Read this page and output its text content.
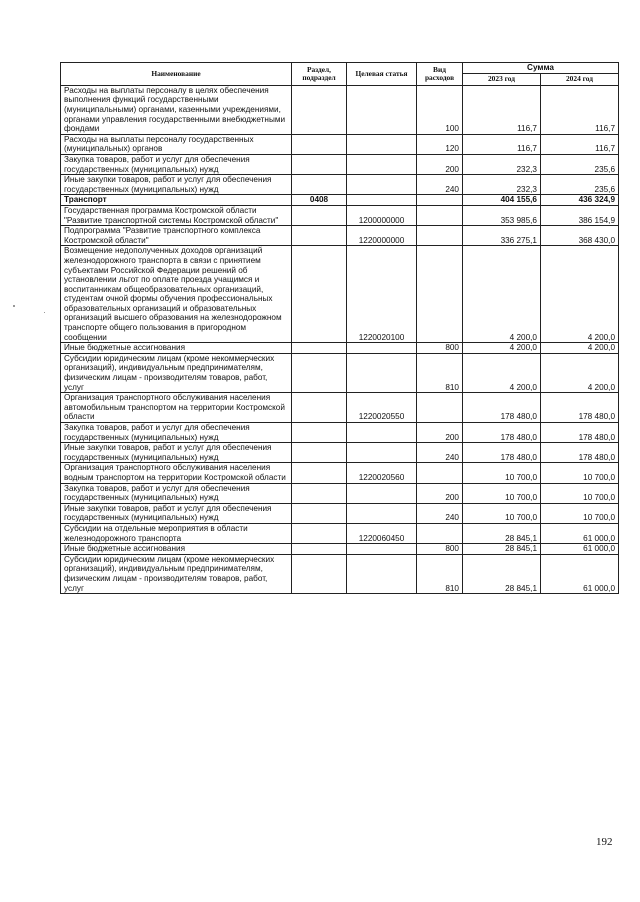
Наименование	Раздел, подраздел	Целевая статья	Вид расходов	Сумма	
				2023 год	2024 год
Расходы на выплаты персоналу в целях обеспечения выполнения функций государственными (муниципальными) органами, казенными учреждениями, органами управления государственными внебюджетными фондами			100	116,7	116,7
Расходы на выплаты персоналу государственных (муниципальных) органов			120	116,7	116,7
Закупка товаров, работ и услуг для обеспечения государственных (муниципальных) нужд			200	232,3	235,6
Иные закупки товаров, работ и услуг для обеспечения государственных (муниципальных) нужд			240	232,3	235,6
Транспорт	0408			404 155,6	436 324,9
Государственная программа Костромской области "Развитие транспортной системы Костромской области"		1200000000		353 985,6	386 154,9
Подпрограмма "Развитие транспортного комплекса Костромской области"		1220000000		336 275,1	368 430,0
Возмещение недополученных доходов организаций железнодорожного транспорта в связи с принятием субъектами Российской Федерации решений об установлении льгот по оплате проезда учащимся и воспитанникам общеобразовательных организаций, студентам очной формы обучения профессиональных образовательных организаций и образовательных организаций высшего образования на железнодорожном транспорте общего пользования в пригородном сообщении		1220020100		4 200,0	4 200,0
Иные бюджетные ассигнования			800	4 200,0	4 200,0
Субсидии юридическим лицам (кроме некоммерческих организаций), индивидуальным предпринимателям, физическим лицам - производителям товаров, работ, услуг			810	4 200,0	4 200,0
Организация транспортного обслуживания населения автомобильным транспортом на территории Костромской области		1220020550		178 480,0	178 480,0
Закупка товаров, работ и услуг для обеспечения государственных (муниципальных) нужд			200	178 480,0	178 480,0
Иные закупки товаров, работ и услуг для обеспечения государственных (муниципальных) нужд			240	178 480,0	178 480,0
Организация транспортного обслуживания населения водным транспортом на территории Костромской области		1220020560		10 700,0	10 700,0
Закупка товаров, работ и услуг для обеспечения государственных (муниципальных) нужд			200	10 700,0	10 700,0
Иные закупки товаров, работ и услуг для обеспечения государственных (муниципальных) нужд			240	10 700,0	10 700,0
Субсидии на отдельные мероприятия в области железнодорожного транспорта		1220060450		28 845,1	61 000,0
Иные бюджетные ассигнования			800	28 845,1	61 000,0
Субсидии юридическим лицам (кроме некоммерческих организаций), индивидуальным предпринимателям, физическим лицам - производителям товаров, работ, услуг			810	28 845,1	61 000,0
192
